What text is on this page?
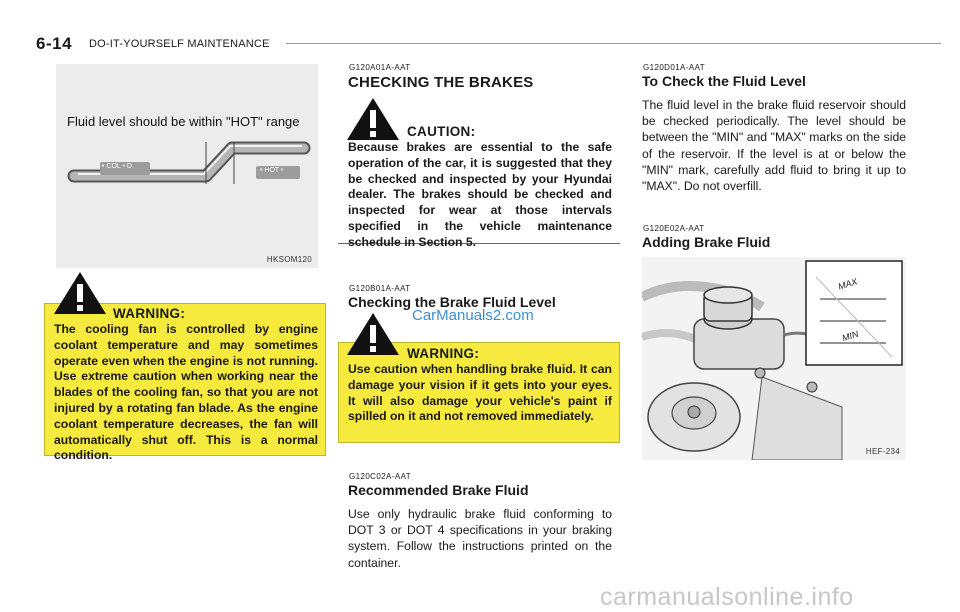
6-14 DO-IT-YOURSELF MAINTENANCE
Fluid level should be within "HOT" range
• COL • D
• HOT •
HKSOM120
WARNING:
The cooling fan is controlled by engine coolant temperature and may sometimes operate even when the engine is not running. Use extreme caution when working near the blades of the cooling fan, so that you are not injured by a rotating fan blade. As the engine coolant temperature decreases, the fan will automatically shut off. This is a normal condition.
G120A01A-AAT
CHECKING THE BRAKES
CAUTION:
Because brakes are essential to the safe operation of the car, it is suggested that they be checked and inspected by your Hyundai dealer. The brakes should be checked and inspected for wear at those intervals specified in the vehicle maintenance schedule in Section 5.
G120B01A-AAT
Checking the Brake Fluid Level
CarManuals2.com
WARNING:
Use caution when handling brake fluid. It can damage your vision if it gets into your eyes. It will also damage your vehicle's paint if spilled on it and not removed immediately.
G120C02A-AAT
Recommended Brake Fluid
Use only hydraulic brake fluid conforming to DOT 3 or DOT 4 specifications in your braking system. Follow the instructions printed on the container.
G120D01A-AAT
To Check the Fluid Level
The fluid level in the brake fluid reservoir should be checked periodically. The level should be between the "MIN" and "MAX" marks on the side of the reservoir. If the level is at or below the "MIN" mark, carefully add fluid to bring it up to "MAX". Do not overfill.
G120E02A-AAT
Adding Brake Fluid
MAX
MIN
HEF-234
carmanualsonline.info
